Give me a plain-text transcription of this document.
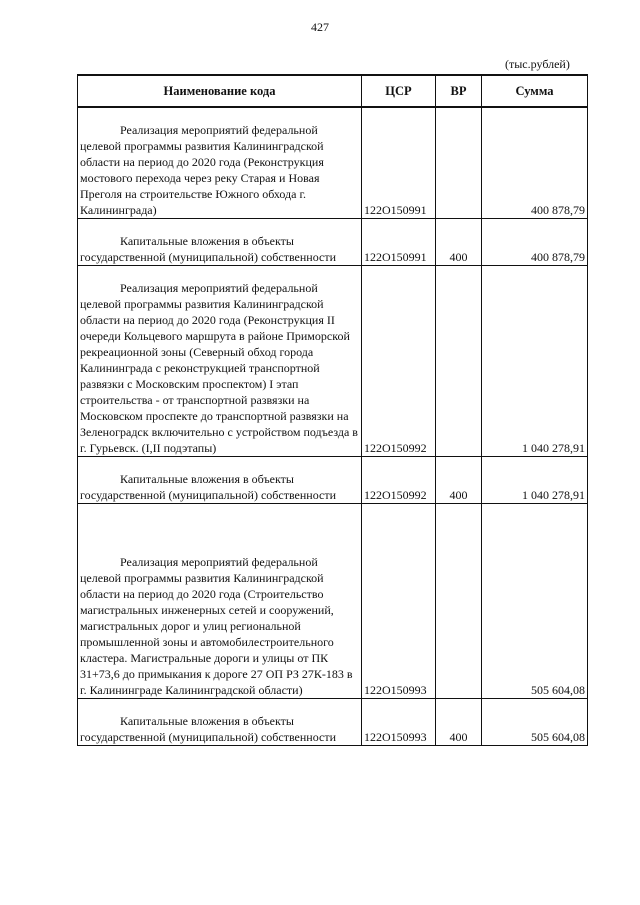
427
(тыс.рублей)
Наименование кода	ЦСР	ВР	Сумма

Реализация мероприятий федеральной целевой программы развития Калининградской области на период до 2020 года (Реконструкция мостового перехода через реку Старая и Новая Преголя на строительстве Южного обхода г. Калининграда)	122О150991		400 878,79

Капитальные вложения в объекты государственной (муниципальной) собственности	122О150991	400	400 878,79

Реализация мероприятий федеральной целевой программы развития Калининградской области на период до 2020 года (Реконструкция II очереди Кольцевого маршрута в районе Приморской рекреационной зоны (Северный обход города Калининграда с реконструкцией транспортной развязки с Московским проспектом) I этап строительства - от транспортной развязки на Московском проспекте до транспортной развязки на Зеленоградск включительно с устройством подъезда в г. Гурьевск. (I,II подэтапы)	122О150992		1 040 278,91

Капитальные вложения в объекты государственной (муниципальной) собственности	122О150992	400	1 040 278,91

Реализация мероприятий федеральной целевой программы развития Калининградской области на период до 2020 года (Строительство магистральных инженерных сетей и сооружений, магистральных дорог и улиц региональной промышленной зоны и автомобилестроительного кластера. Магистральные дороги и улицы от ПК 31+73,6 до примыкания к дороге 27 ОП РЗ 27К-183 в г. Калининграде Калининградской области)	122О150993		505 604,08

Капитальные вложения в объекты государственной (муниципальной) собственности	122О150993	400	505 604,08
